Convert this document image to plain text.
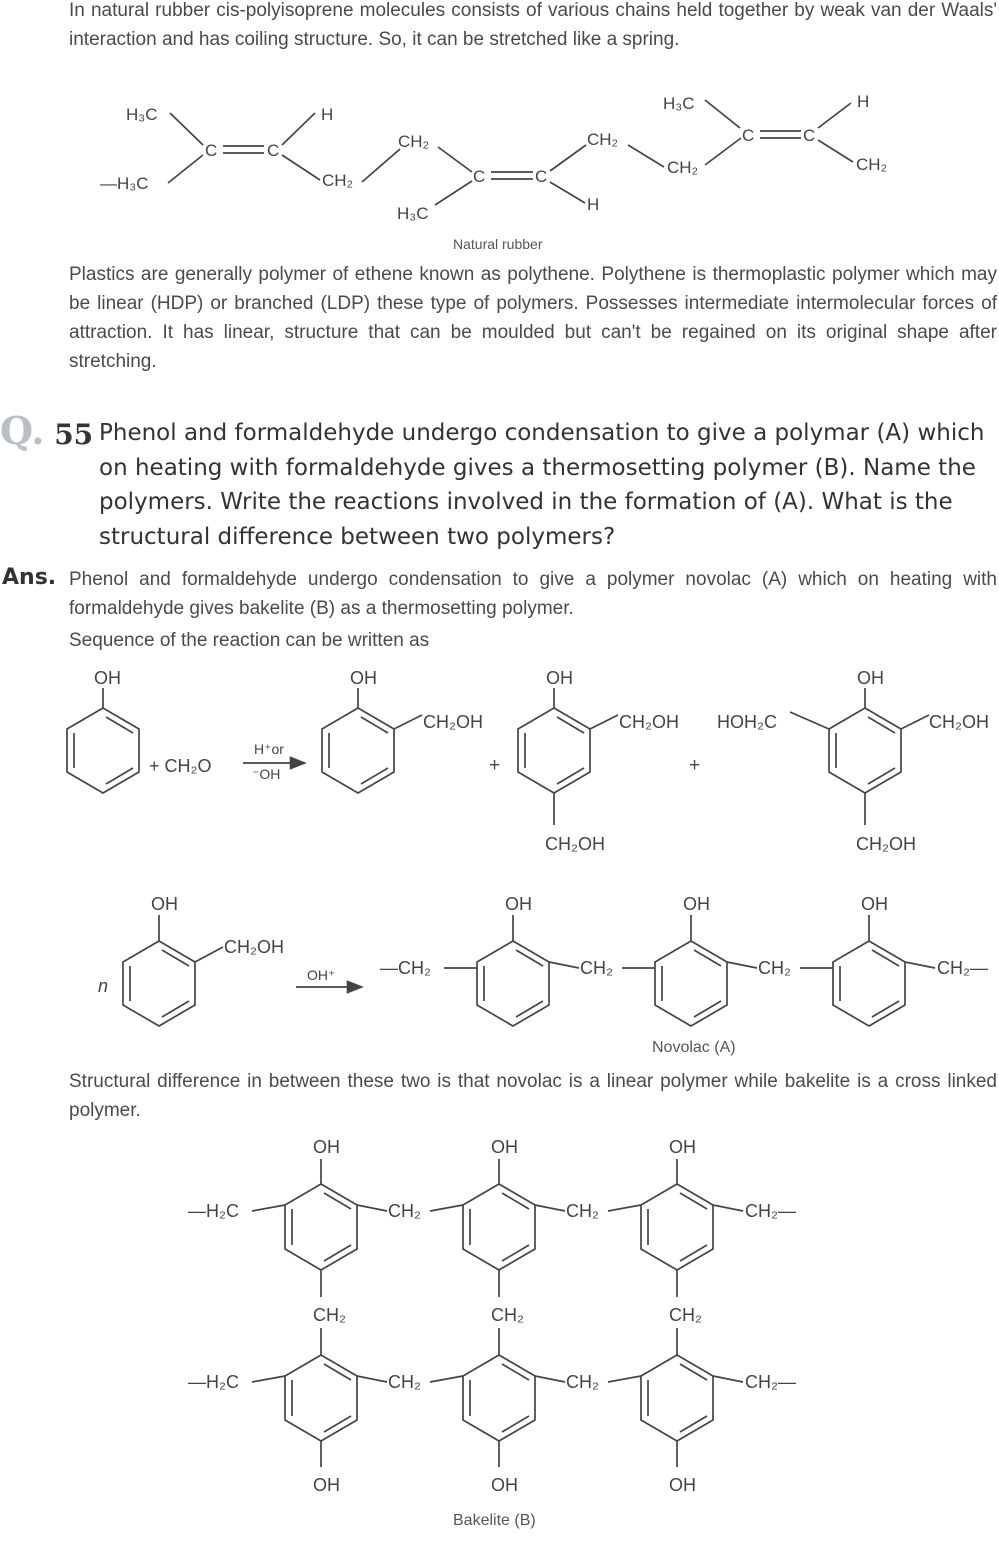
In natural rubber cis-polyisoprene molecules consists of various chains held together by weak van der Waals' interaction and has coiling structure. So, it can be stretched like a spring.
H₃C	H
C	C
—H₃C	CH₂
CH₂
C	C
H₃C	H
CH₂
CH₂
H₃C
C	C
H
CH₂
Natural rubber
Plastics are generally polymer of ethene known as polythene. Polythene is thermoplastic polymer which may be linear (HDP) or branched (LDP) these type of polymers. Possesses intermediate intermolecular forces of attraction. It has linear, structure that can be moulded but can't be regained on its original shape after stretching.
Q. 55 Phenol and formaldehyde undergo condensation to give a polymar (A) which on heating with formaldehyde gives a thermosetting polymer (B). Name the polymers. Write the reactions involved in the formation of (A). What is the structural difference between two polymers?
Ans. Phenol and formaldehyde undergo condensation to give a polymer novolac (A) which on heating with formaldehyde gives bakelite (B) as a thermosetting polymer.
Sequence of the reaction can be written as
OH
+ CH₂O
H⁺or
⁻OH
OH
CH₂OH
+
OH
CH₂OH
CH₂OH
+
OH
CH₂OH
HOH₂C
CH₂OH
n
OH
CH₂OH
OH⁺ —CH₂
OH
CH₂
OH
CH₂
OH
CH₂—
Novolac (A)
Structural difference in between these two is that novolac is a linear polymer while bakelite is a cross linked polymer.
OH	OH	OH
—H₂C	CH₂	CH₂	CH₂—
CH₂	CH₂	CH₂
—H₂C	CH₂	CH₂	CH₂—
OH	OH	OH
Bakelite (B)
